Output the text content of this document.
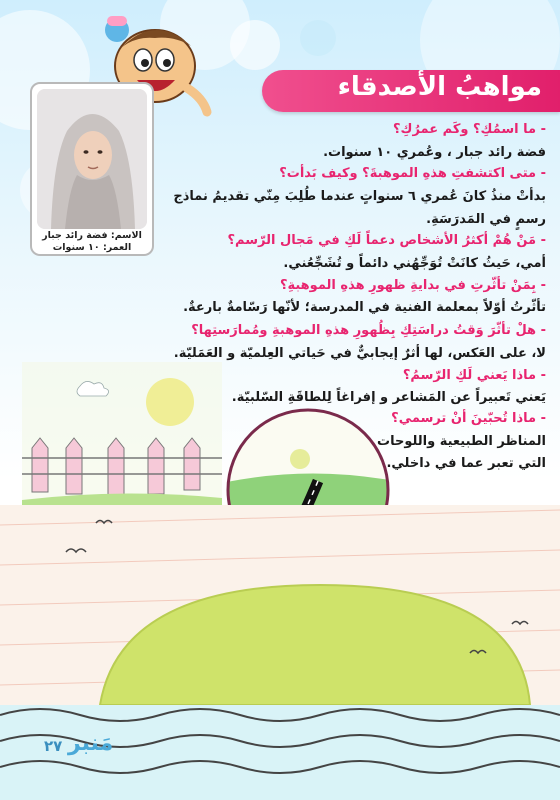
مواهبُ الأصدقاء
الاسم: فضة رائد جبار
العمر: ١٠ سنوات
- ما اسمُكِ؟ وكَم عمرُكِ؟
فضة رائد جبار ، وعُمري ١٠ سنوات.
- متى اكتشفتِ هذهِ الموهبةَ؟ وكيف بَدأت؟
بدأتْ منذُ كانَ عُمري ٦ سنواتٍ عندما طُلِبَ مِنّي تقديمُ نماذج
رسمٍ في المَدرَسَةِ.
- مَنْ هُمْ أكثرُ الأشخاص دعماً لَكِ في مَجال الرّسم؟
أمي، حَيثُ كانَتْ تُوَجِّهُني دائماً و تُشَجِّعُني.
- بِمَنْ تأثّرتِ في بدايةِ ظهورِ هذهِ الموهبةِ؟
تأثّرتُ أوّلاً بمعلمة الفنية في المدرسة؛ لأنّها رَسّامةٌ بارعةٌ.
- هلْ تأثّرَ وَقتُ دراسَتِكِ بِظُهورِ هذهِ الموهبةِ ومُمارَستِها؟
لا، على العَكس، لها أثرٌ إيجابيٌّ في حَياتي العِلميّة و العَمَليّة.
- ماذا يَعني لَكِ الرّسمُ؟
يَعني تَعبيراً عن المَشاعر و إفراغاً لِلطاقَةِ السّلبيّة.
- ماذا تُحبّينَ أنْ ترسمي؟
المناظر الطبيعية واللوحات
التي تعبر عما في داخلي.
مَنبر
٢٧
